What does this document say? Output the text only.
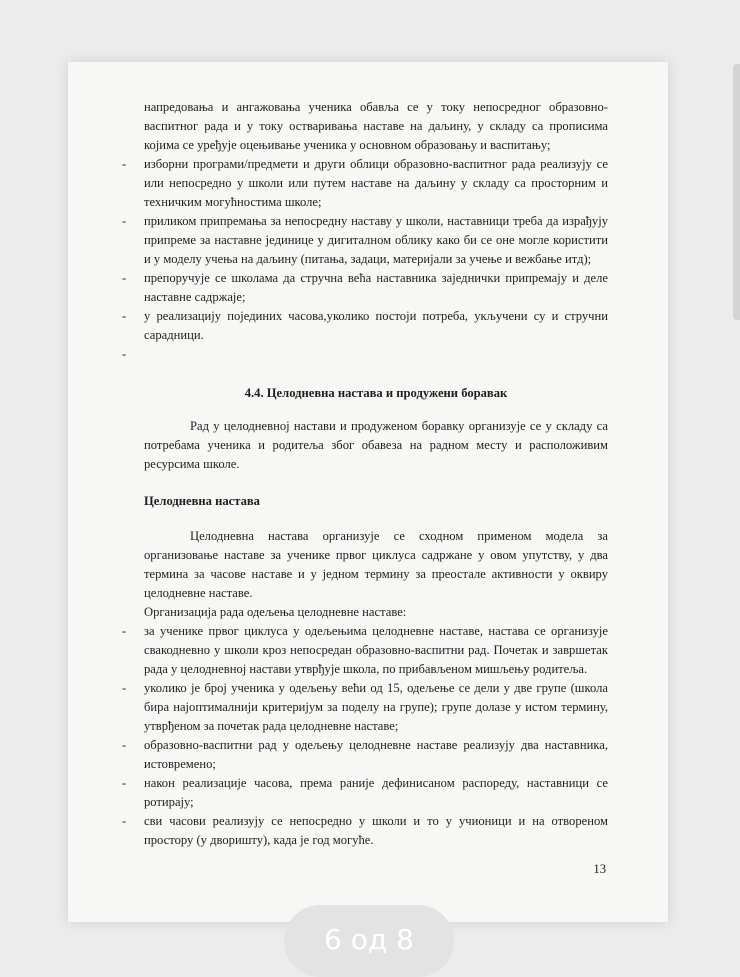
напредовања и ангажовања ученика обавља се у току непосредног образовно-васпитног рада и у току остваривања наставе на даљину, у складу са прописима којима се уређује оцењивање ученика у основном образовању и васпитању;

- изборни програми/предмети и други облици образовно-васпитног рада реализују се или непосредно у школи или путем наставе на даљину у складу са просторним и техничким могућностима школе;
- приликом припремања за непосредну наставу у школи, наставници треба да израђују припреме за наставне јединице у дигиталном облику како би се оне могле користити и у моделу учења на даљину (питања, задаци, материјали за учење и вежбање итд);
- препоручује се школама да стручна већа наставника заједнички припремају и деле наставне садржаје;
- у реализацију појединих часова,уколико постоји потреба, укључени су и стручни сарадници.
-
4.4. Целодневна настава и продужени боравак

Рад у целодневној настави и продуженом боравку организује се у складу са потребама ученика и родитеља због обавеза на радном месту и расположивим ресурсима школе.

Целодневна настава

Целодневна настава организује се сходном применом модела за организовање наставе за ученике првог циклуса садржане у овом упутству, у два термина за часове наставе и у једном термину за преостале активности у оквиру целодневне наставе.

Организација рада одељења целодневне наставе:

- за ученике првог циклуса у одељењима целодневне наставе, настава се организује свакодневно у школи кроз непосредан образовно-васпитни рад. Почетак и завршетак рада у целодневној настави утврђује школа, по прибављеном мишљењу родитеља.
- уколико је број ученика у одељењу већи од 15, одељење се дели у две групе (школа бира најоптималнији критеријум за поделу на групе); групе долазе у истом термину, утврђеном за почетак рада целодневне наставе;
- образовно-васпитни рад у одељењу целодневне наставе реализују два наставника, истовремено;
- након реализације часова, према раније дефинисаном распореду, наставници се ротирају;
- сви часови реализују се непосредно у школи и то у учионици и на отвореном простору (у дворишту), када је год могуће.
13
6 од 8
